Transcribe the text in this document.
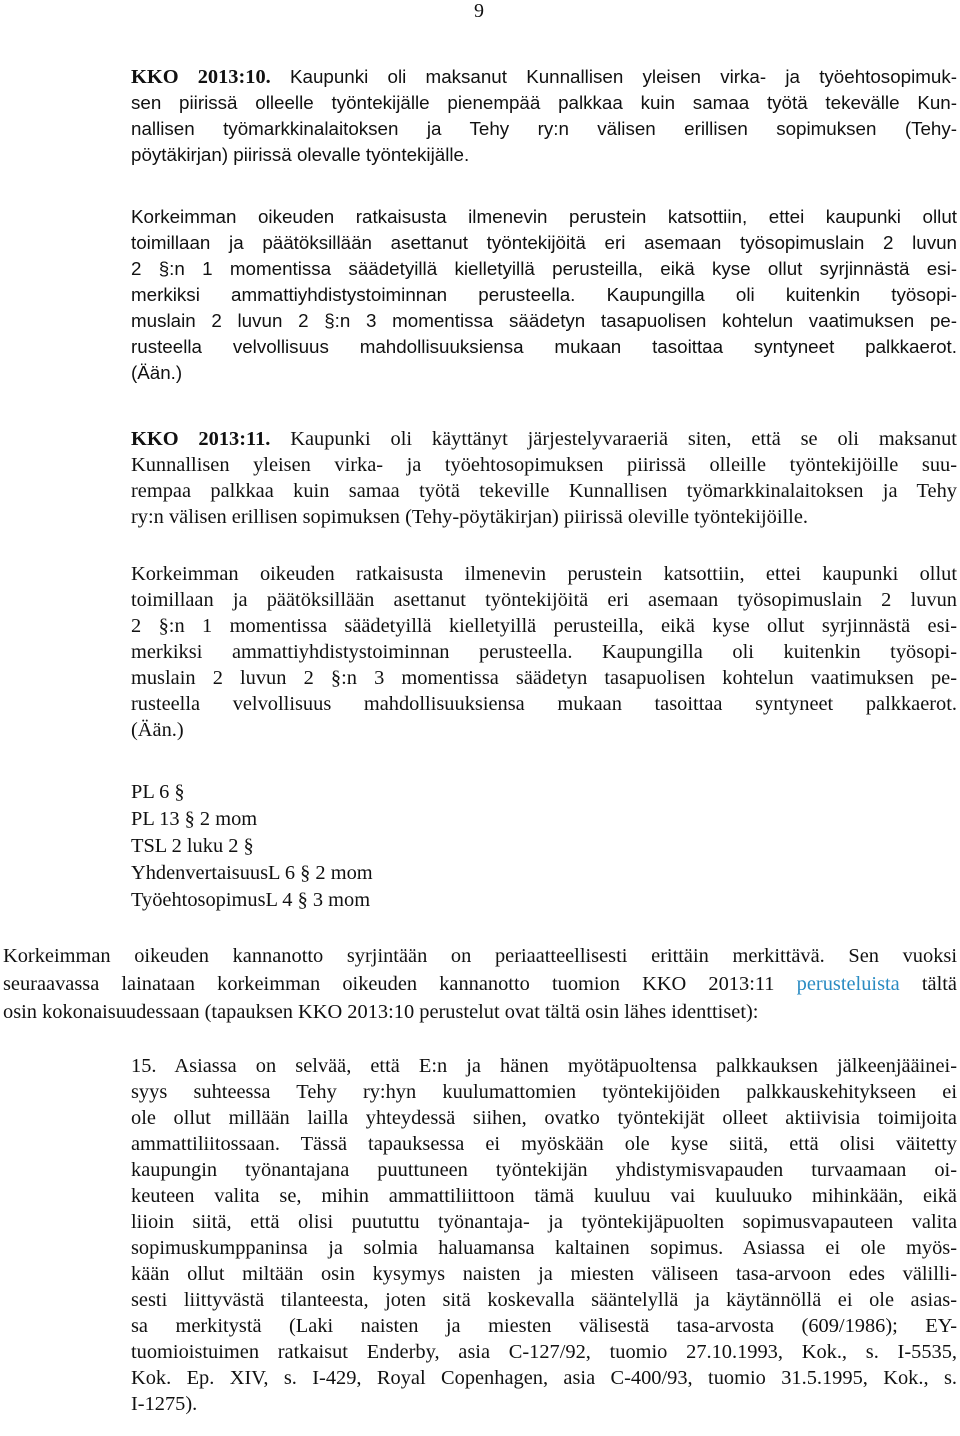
9
KKO 2013:10. Kaupunki oli maksanut Kunnallisen yleisen virka- ja työehtosopimuk-
sen piirissä olleelle työntekijälle pienempää palkkaa kuin samaa työtä tekevälle Kun-
nallisen työmarkkinalaitoksen ja Tehy ry:n välisen erillisen sopimuksen (Tehy-
pöytäkirjan) piirissä olevalle työntekijälle.
Korkeimman oikeuden ratkaisusta ilmenevin perustein katsottiin, ettei kaupunki ollut
toimillaan ja päätöksillään asettanut työntekijöitä eri asemaan työsopimuslain 2 luvun
2 §:n 1 momentissa säädetyillä kielletyillä perusteilla, eikä kyse ollut syrjinnästä esi-
merkiksi ammattiyhdistystoiminnan perusteella. Kaupungilla oli kuitenkin työsopi-
muslain 2 luvun 2 §:n 3 momentissa säädetyn tasapuolisen kohtelun vaatimuksen pe-
rusteella velvollisuus mahdollisuuksiensa mukaan tasoittaa syntyneet palkkaerot.
(Ään.)
KKO 2013:11. Kaupunki oli käyttänyt järjestelyvaraeriä siten, että se oli maksanut
Kunnallisen yleisen virka- ja työehtosopimuksen piirissä olleille työntekijöille suu-
rempaa palkkaa kuin samaa työtä tekeville Kunnallisen työmarkkinalaitoksen ja Tehy
ry:n välisen erillisen sopimuksen (Tehy-pöytäkirjan) piirissä oleville työntekijöille.
Korkeimman oikeuden ratkaisusta ilmenevin perustein katsottiin, ettei kaupunki ollut
toimillaan ja päätöksillään asettanut työntekijöitä eri asemaan työsopimuslain 2 luvun
2 §:n 1 momentissa säädetyillä kielletyillä perusteilla, eikä kyse ollut syrjinnästä esi-
merkiksi ammattiyhdistystoiminnan perusteella. Kaupungilla oli kuitenkin työsopi-
muslain 2 luvun 2 §:n 3 momentissa säädetyn tasapuolisen kohtelun vaatimuksen pe-
rusteella velvollisuus mahdollisuuksiensa mukaan tasoittaa syntyneet palkkaerot.
(Ään.)
PL 6 §
PL 13 § 2 mom
TSL 2 luku 2 §
YhdenvertaisuusL 6 § 2 mom
TyöehtosopimusL 4 § 3 mom
Korkeimman oikeuden kannanotto syrjintään on periaatteellisesti erittäin merkittävä. Sen vuoksi
seuraavassa lainataan korkeimman oikeuden kannanotto tuomion KKO 2013:11 perusteluista tältä
osin kokonaisuudessaan (tapauksen KKO 2013:10 perustelut ovat tältä osin lähes identtiset):
15. Asiassa on selvää, että E:n ja hänen myötäpuoltensa palkkauksen jälkeenjääinei-
syys suhteessa Tehy ry:hyn kuulumattomien työntekijöiden palkkauskehitykseen ei
ole ollut millään lailla yhteydessä siihen, ovatko työntekijät olleet aktiivisia toimijoita
ammattiliitossaan. Tässä tapauksessa ei myöskään ole kyse siitä, että olisi väitetty
kaupungin työnantajana puuttuneen työntekijän yhdistymisvapauden turvaamaan oi-
keuteen valita se, mihin ammattiliittoon tämä kuuluu vai kuuluuko mihinkään, eikä
liioin siitä, että olisi puututtu työnantaja- ja työntekijäpuolten sopimusvapauteen valita
sopimuskumppaninsa ja solmia haluamansa kaltainen sopimus. Asiassa ei ole myös-
kään ollut miltään osin kysymys naisten ja miesten väliseen tasa-arvoon edes välilli-
sesti liittyvästä tilanteesta, joten sitä koskevalla sääntelyllä ja käytännöllä ei ole asias-
sa merkitystä (Laki naisten ja miesten välisestä tasa-arvosta (609/1986); EY-
tuomioistuimen ratkaisut Enderby, asia C-127/92, tuomio 27.10.1993, Kok., s. I-5535,
Kok. Ep. XIV, s. I-429, Royal Copenhagen, asia C-400/93, tuomio 31.5.1995, Kok., s.
I-1275).
